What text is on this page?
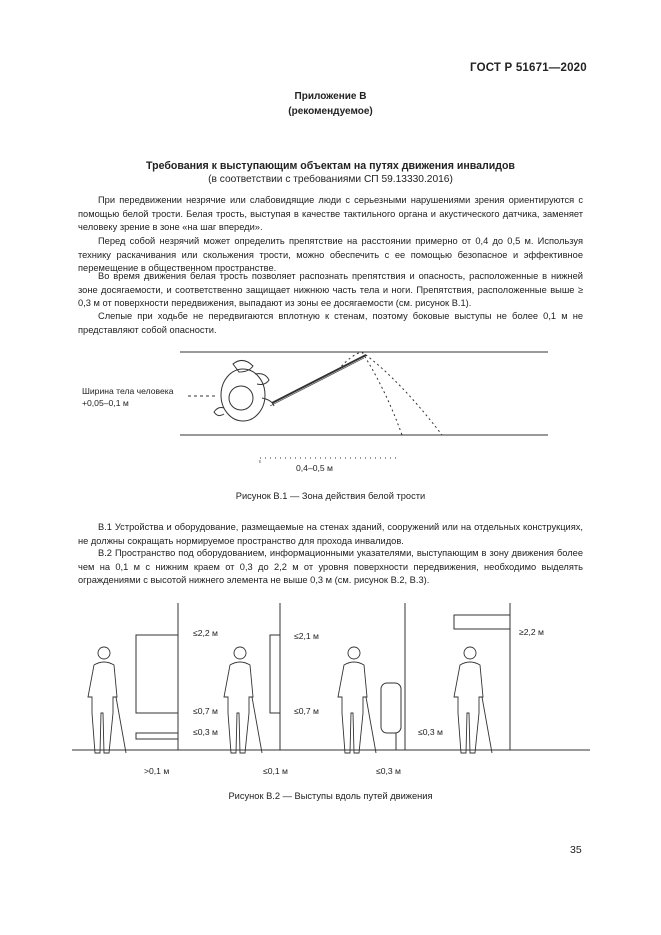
ГОСТ Р 51671—2020
Приложение В
(рекомендуемое)
Требования к выступающим объектам на путях движения инвалидов
(в соответствии с требованиями СП 59.13330.2016)
При передвижении незрячие или слабовидящие люди с серьезными нарушениями зрения ориентируются с помощью белой трости. Белая трость, выступая в качестве тактильного органа и акустического датчика, заменяет человеку зрение в зоне «на шаг впереди».
Перед собой незрячий может определить препятствие на расстоянии примерно от 0,4 до 0,5 м. Используя технику раскачивания или скольжения трости, можно обеспечить с ее помощью безопасное и эффективное перемещение в общественном пространстве.
Во время движения белая трость позволяет распознать препятствия и опасность, расположенные в нижней зоне досягаемости, и соответственно защищает нижнюю часть тела и ноги. Препятствия, расположенные выше ≥ 0,3 м от поверхности передвижения, выпадают из зоны ее досягаемости (см. рисунок В.1).
Слепые при ходьбе не передвигаются вплотную к стенам, поэтому боковые выступы не более 0,1 м не представляют собой опасности.
ε
Ширина тела человека
+0,05–0,1 м
0,4–0,5 м
Рисунок В.1 — Зона действия белой трости
В.1 Устройства и оборудование, размещаемые на стенах зданий, сооружений или на отдельных конструкциях, не должны сокращать нормируемое пространство для прохода инвалидов.
В.2 Пространство под оборудованием, информационными указателями, выступающим в зону движения более чем на 0,1 м с нижним краем от 0,3 до 2,2 м от уровня поверхности передвижения, необходимо выделять ограждениями с высотой нижнего элемента не выше 0,3 м (см. рисунок В.2, В.3).
≤2,2 м
≤0,7 м
≤0,3 м
>0,1 м
≤2,1 м
≤0,7 м
≤0,1 м
≤0,3 м
≤0,3 м
≥2,2 м
Рисунок В.2 — Выступы вдоль путей движения
35
